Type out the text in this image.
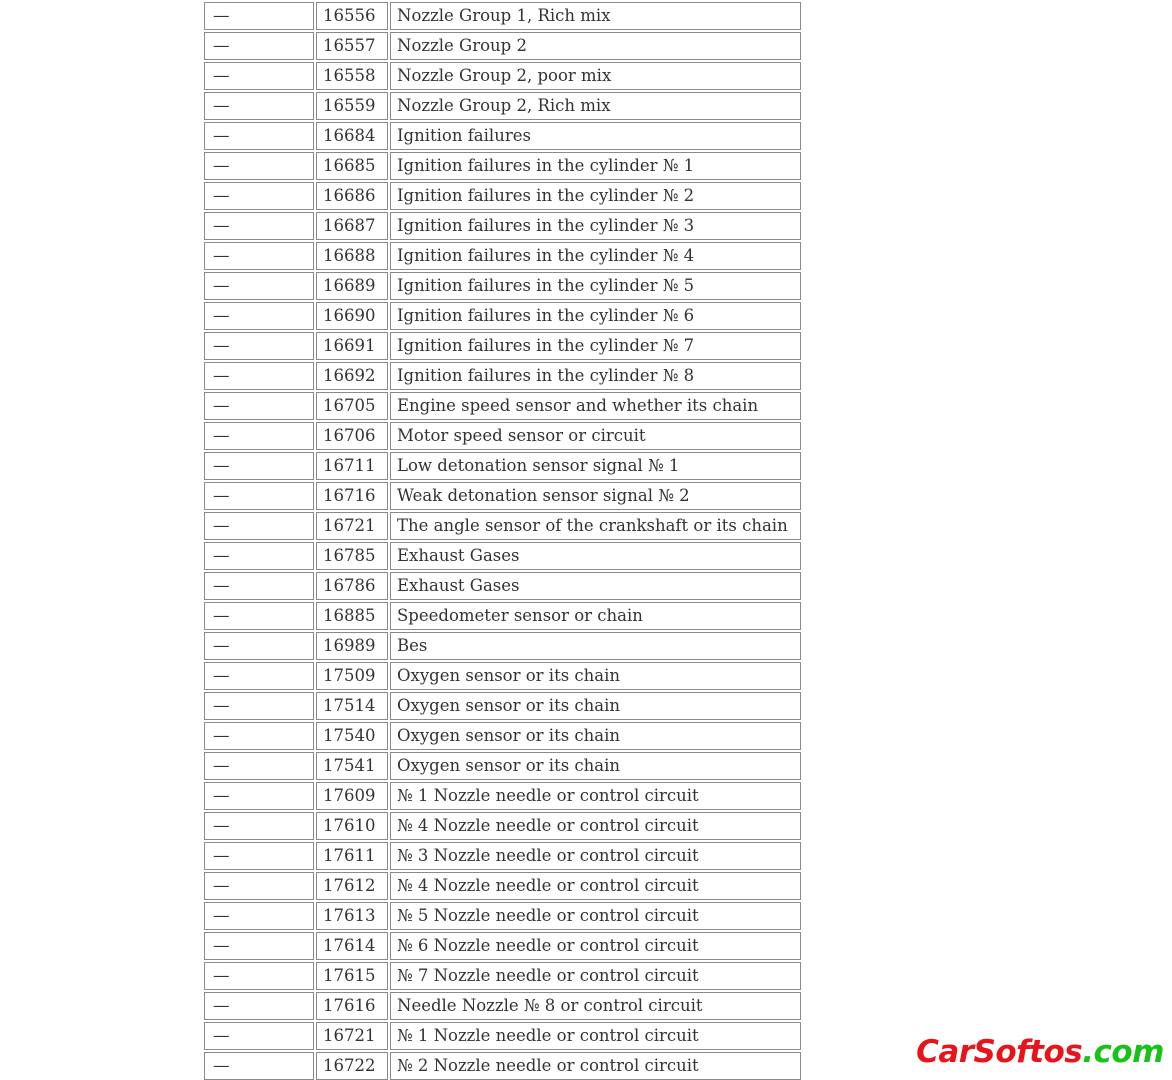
—	16556	Nozzle Group 1, Rich mix
—	16557	Nozzle Group 2
—	16558	Nozzle Group 2, poor mix
—	16559	Nozzle Group 2, Rich mix
—	16684	Ignition failures
—	16685	Ignition failures in the cylinder № 1
—	16686	Ignition failures in the cylinder № 2
—	16687	Ignition failures in the cylinder № 3
—	16688	Ignition failures in the cylinder № 4
—	16689	Ignition failures in the cylinder № 5
—	16690	Ignition failures in the cylinder № 6
—	16691	Ignition failures in the cylinder № 7
—	16692	Ignition failures in the cylinder № 8
—	16705	Engine speed sensor and whether its chain
—	16706	Motor speed sensor or circuit
—	16711	Low detonation sensor signal № 1
—	16716	Weak detonation sensor signal № 2
—	16721	The angle sensor of the crankshaft or its chain
—	16785	Exhaust Gases
—	16786	Exhaust Gases
—	16885	Speedometer sensor or chain
—	16989	Bes
—	17509	Oxygen sensor or its chain
—	17514	Oxygen sensor or its chain
—	17540	Oxygen sensor or its chain
—	17541	Oxygen sensor or its chain
—	17609	№ 1 Nozzle needle or control circuit
—	17610	№ 4 Nozzle needle or control circuit
—	17611	№ 3 Nozzle needle or control circuit
—	17612	№ 4 Nozzle needle or control circuit
—	17613	№ 5 Nozzle needle or control circuit
—	17614	№ 6 Nozzle needle or control circuit
—	17615	№ 7 Nozzle needle or control circuit
—	17616	Needle Nozzle № 8 or control circuit
—	16721	№ 1 Nozzle needle or control circuit
—	16722	№ 2 Nozzle needle or control circuit	CarSoftos.com
